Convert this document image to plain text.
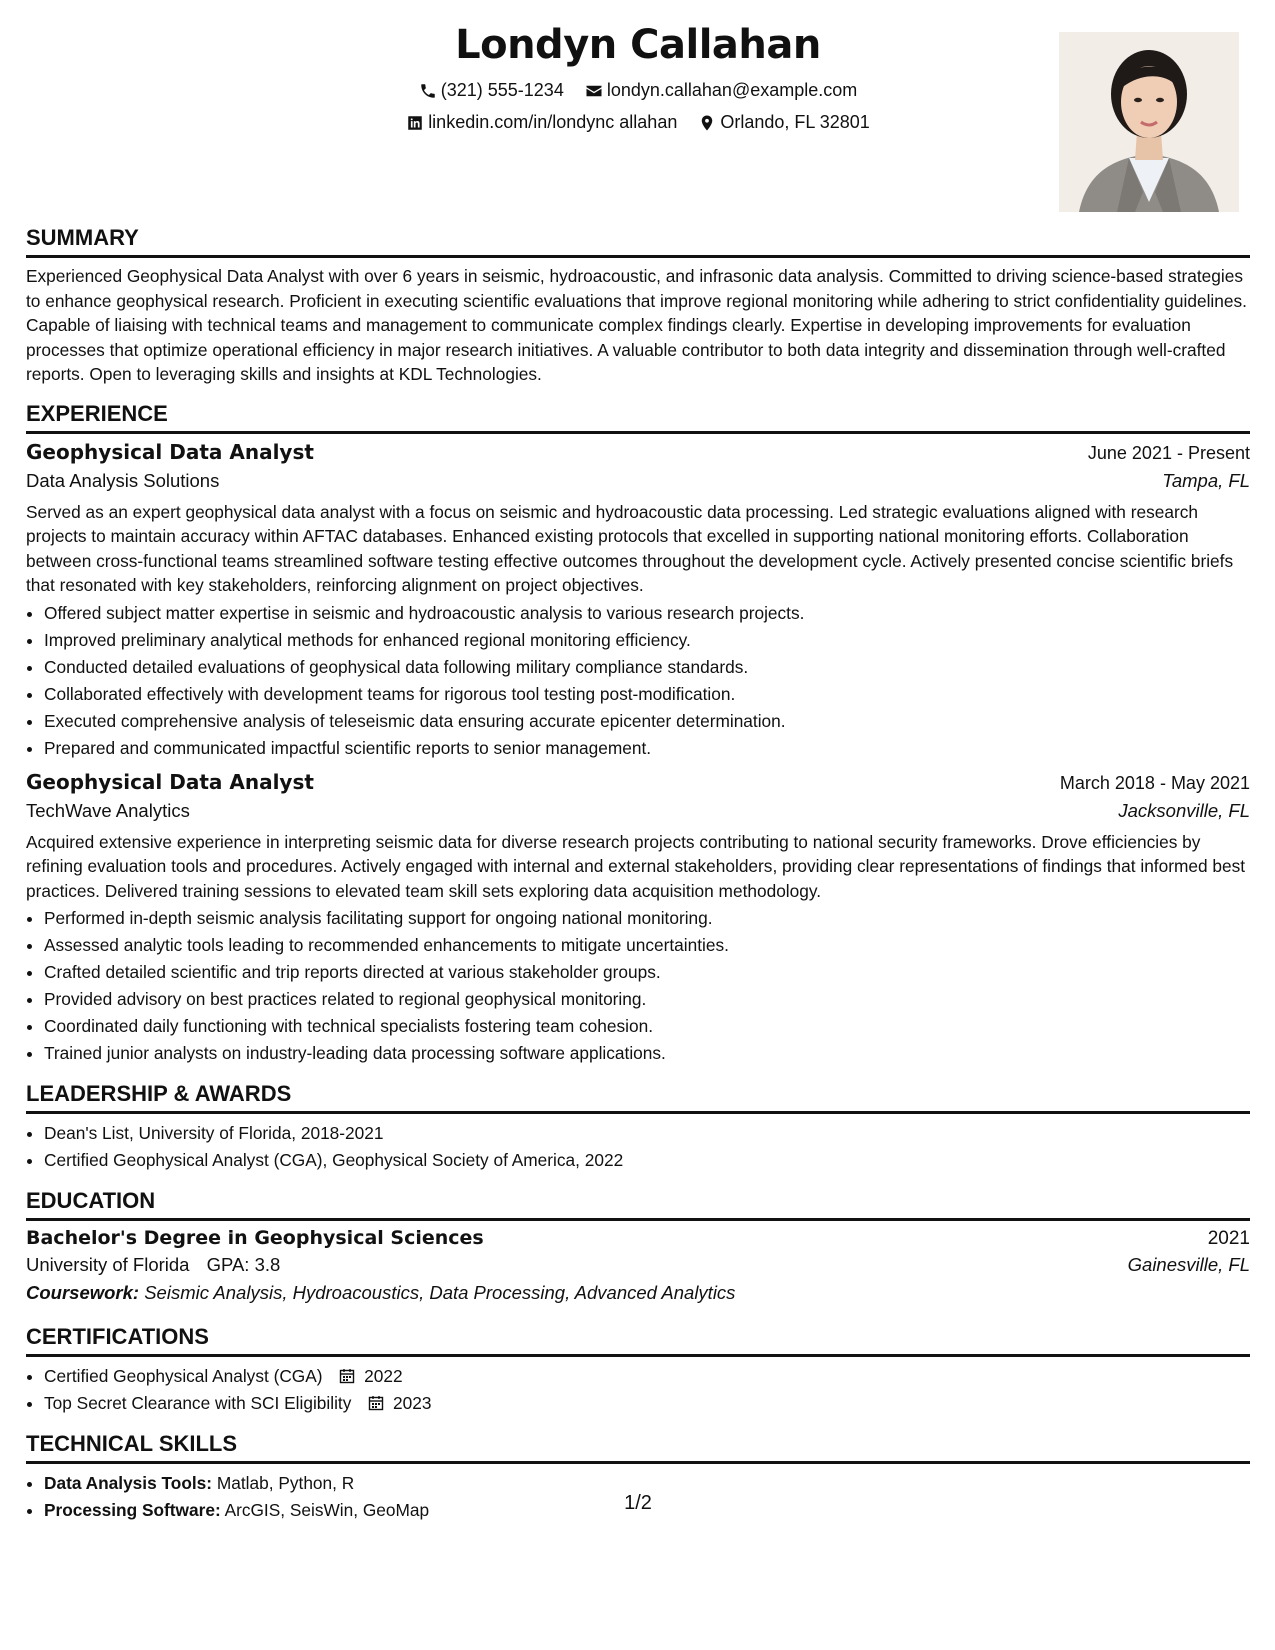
Londyn Callahan
(321) 555-1234
londyn.callahan@example.com
linkedin.com/in/londync allahan
Orlando, FL 32801
SUMMARY

Experienced Geophysical Data Analyst with over 6 years in seismic, hydroacoustic, and infrasonic data analysis. Committed to driving science-based strategies to enhance geophysical research. Proficient in executing scientific evaluations that improve regional monitoring while adhering to strict confidentiality guidelines. Capable of liaising with technical teams and management to communicate complex findings clearly. Expertise in developing improvements for evaluation processes that optimize operational efficiency in major research initiatives. A valuable contributor to both data integrity and dissemination through well-crafted reports. Open to leveraging skills and insights at KDL Technologies.

EXPERIENCE
Geophysical Data Analyst	June 2021 - Present
Data Analysis Solutions	Tampa, FL

Served as an expert geophysical data analyst with a focus on seismic and hydroacoustic data processing. Led strategic evaluations aligned with research projects to maintain accuracy within AFTAC databases. Enhanced existing protocols that excelled in supporting national monitoring efforts. Collaboration between cross-functional teams streamlined software testing effective outcomes throughout the development cycle. Actively presented concise scientific briefs that resonated with key stakeholders, reinforcing alignment on project objectives.

• Offered subject matter expertise in seismic and hydroacoustic analysis to various research projects.
• Improved preliminary analytical methods for enhanced regional monitoring efficiency.
• Conducted detailed evaluations of geophysical data following military compliance standards.
• Collaborated effectively with development teams for rigorous tool testing post-modification.
• Executed comprehensive analysis of teleseismic data ensuring accurate epicenter determination.
• Prepared and communicated impactful scientific reports to senior management.
Geophysical Data Analyst	March 2018 - May 2021
TechWave Analytics	Jacksonville, FL

Acquired extensive experience in interpreting seismic data for diverse research projects contributing to national security frameworks. Drove efficiencies by refining evaluation tools and procedures. Actively engaged with internal and external stakeholders, providing clear representations of findings that informed best practices. Delivered training sessions to elevated team skill sets exploring data acquisition methodology.

• Performed in-depth seismic analysis facilitating support for ongoing national monitoring.
• Assessed analytic tools leading to recommended enhancements to mitigate uncertainties.
• Crafted detailed scientific and trip reports directed at various stakeholder groups.
• Provided advisory on best practices related to regional geophysical monitoring.
• Coordinated daily functioning with technical specialists fostering team cohesion.
• Trained junior analysts on industry-leading data processing software applications.
LEADERSHIP & AWARDS
• Dean's List, University of Florida, 2018-2021
• Certified Geophysical Analyst (CGA), Geophysical Society of America, 2022
EDUCATION
Bachelor's Degree in Geophysical Sciences	2021
University of Florida GPA: 3.8	Gainesville, FL
Coursework: Seismic Analysis, Hydroacoustics, Data Processing, Advanced Analytics
CERTIFICATIONS
• Certified Geophysical Analyst (CGA) 2022
• Top Secret Clearance with SCI Eligibility 2023
TECHNICAL SKILLS
• Data Analysis Tools: Matlab, Python, R
• Processing Software: ArcGIS, SeisWin, GeoMap	1/2
